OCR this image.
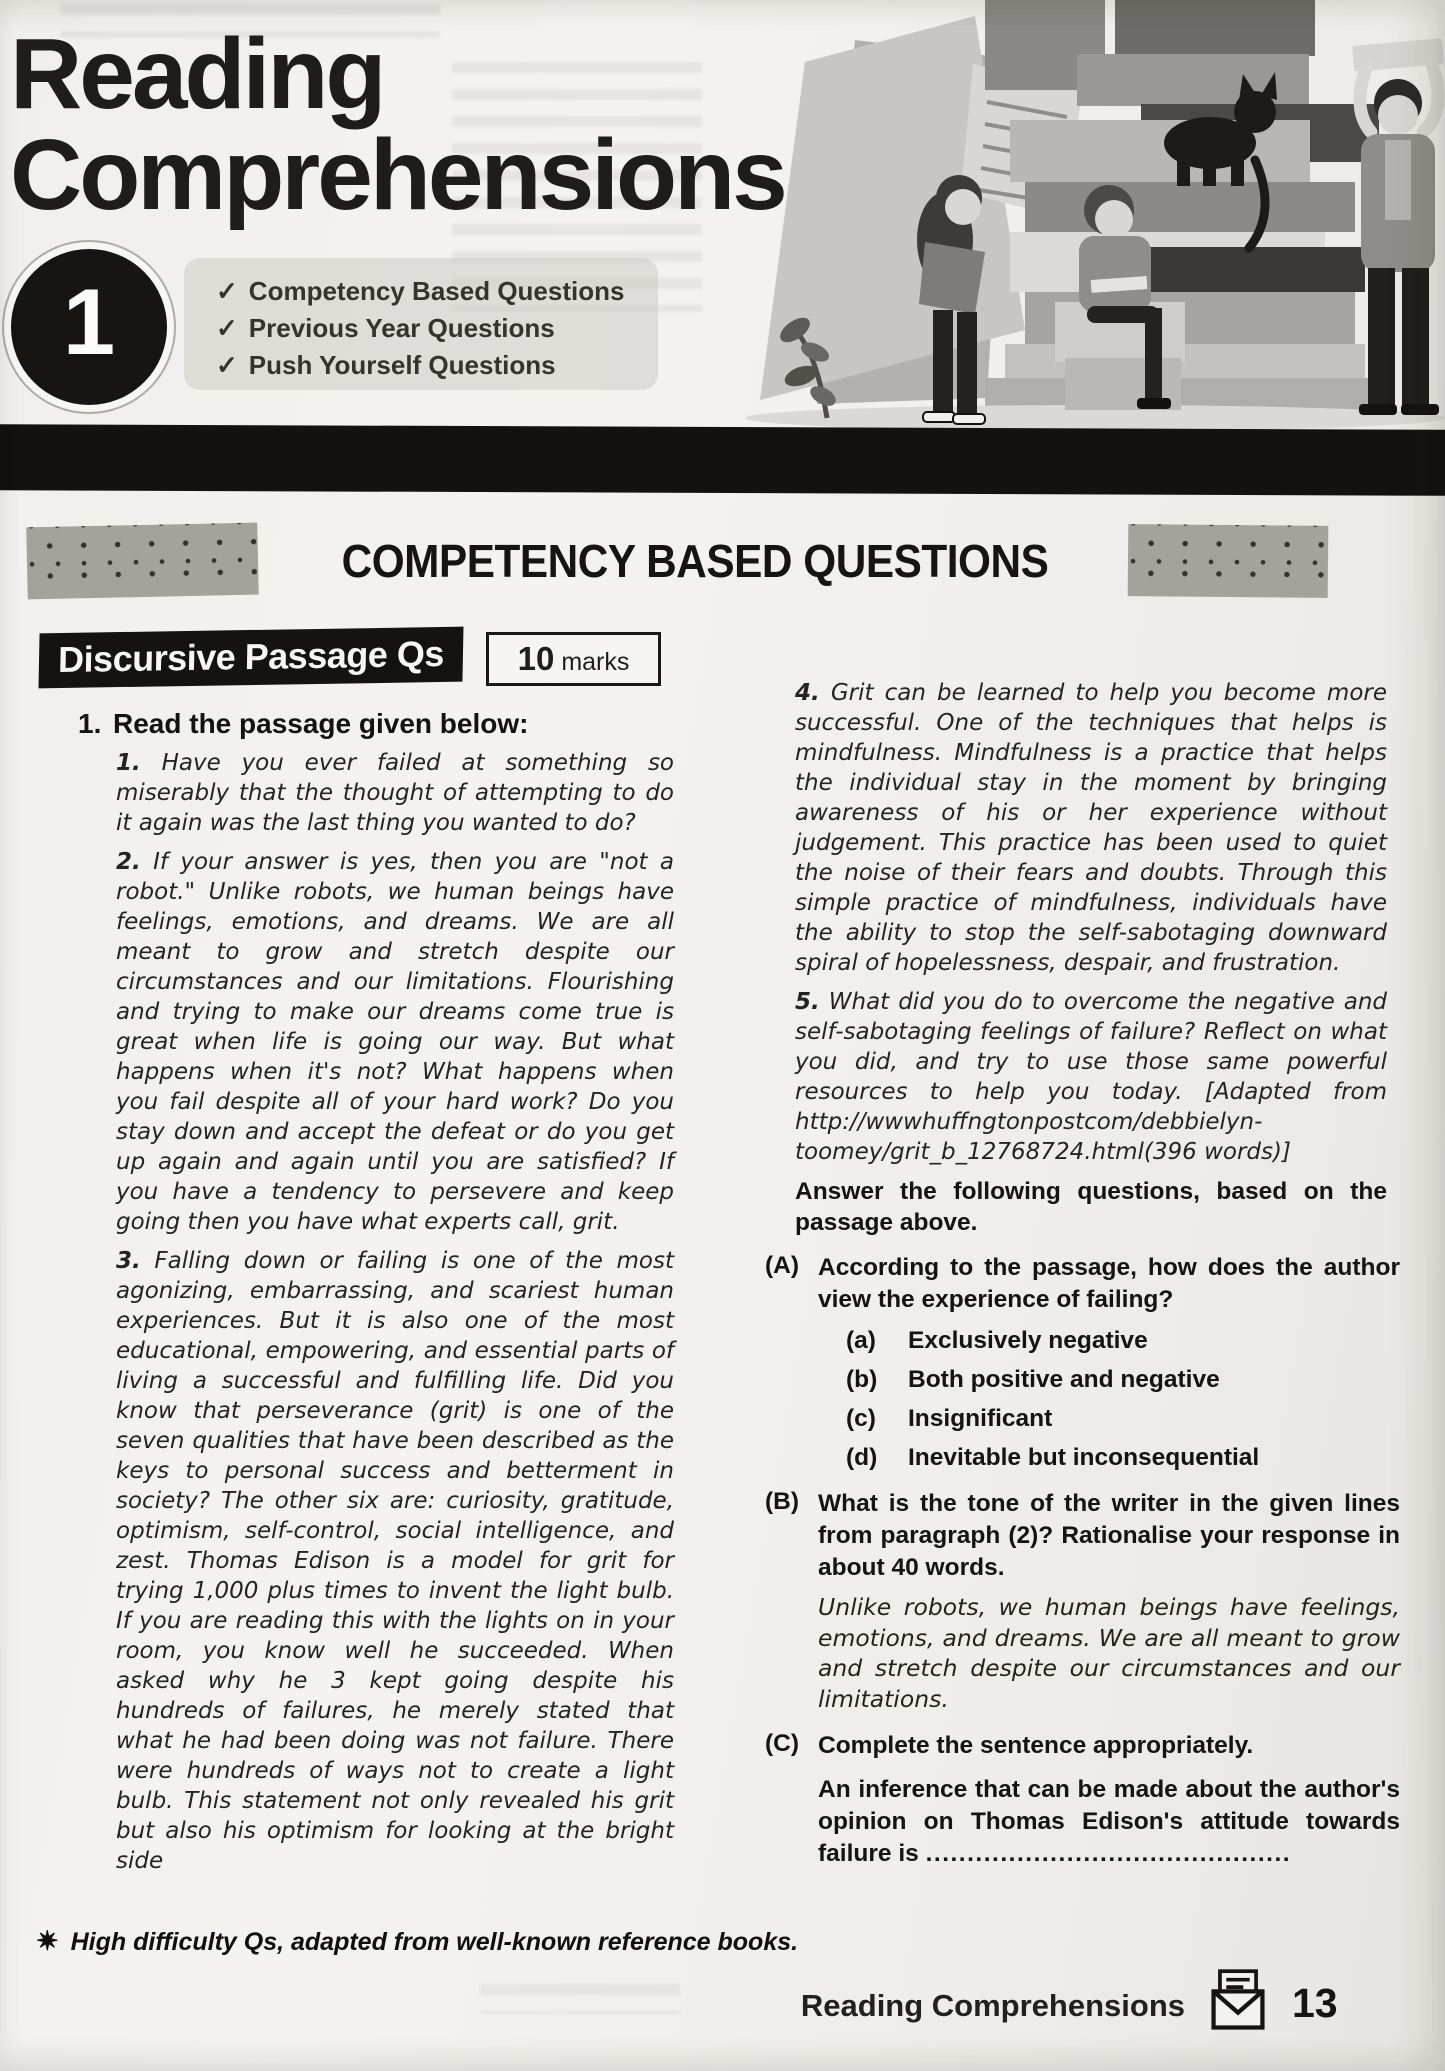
Reading
Comprehensions
1	✓ Competency Based Questions
✓ Previous Year Questions
✓ Push Yourself Questions
COMPETENCY BASED QUESTIONS
Discursive Passage Qs	10 marks

1. Read the passage given below:

1. Have you ever failed at something so miserably that the thought of attempting to do it again was the last thing you wanted to do?

2. If your answer is yes, then you are "not a robot." Unlike robots, we human beings have feelings, emotions, and dreams. We are all meant to grow and stretch despite our circumstances and our limitations. Flourishing and trying to make our dreams come true is great when life is going our way. But what happens when it's not? What happens when you fail despite all of your hard work? Do you stay down and accept the defeat or do you get up again and again until you are satisfied? If you have a tendency to persevere and keep going then you have what experts call, grit.

3. Falling down or failing is one of the most agonizing, embarrassing, and scariest human experiences. But it is also one of the most educational, empowering, and essential parts of living a successful and fulfilling life. Did you know that perseverance (grit) is one of the seven qualities that have been described as the keys to personal success and betterment in society? The other six are: curiosity, gratitude, optimism, self-control, social intelligence, and zest. Thomas Edison is a model for grit for trying 1,000 plus times to invent the light bulb. If you are reading this with the lights on in your room, you know well he succeeded. When asked why he 3 kept going despite his hundreds of failures, he merely stated that what he had been doing was not failure. There were hundreds of ways not to create a light bulb. This statement not only revealed his grit but also his optimism for looking at the bright side

4. Grit can be learned to help you become more successful. One of the techniques that helps is mindfulness. Mindfulness is a practice that helps the individual stay in the moment by bringing awareness of his or her experience without judgement. This practice has been used to quiet the noise of their fears and doubts. Through this simple practice of mindfulness, individuals have the ability to stop the self-sabotaging downward spiral of hopelessness, despair, and frustration.

5. What did you do to overcome the negative and self-sabotaging feelings of failure? Reflect on what you did, and try to use those same powerful resources to help you today. [Adapted from http://wwwhuffngtonpostcom/debbielyn-toomey/grit_b_12768724.html(396 words)]

Answer the following questions, based on the passage above.

(A) According to the passage, how does the author view the experience of failing?
(a) Exclusively negative
(b) Both positive and negative
(c) Insignificant
(d) Inevitable but inconsequential
(B) What is the tone of the writer in the given lines from paragraph (2)? Rationalise your response in about 40 words.
Unlike robots, we human beings have feelings, emotions, and dreams. We are all meant to grow and stretch despite our circumstances and our limitations.
(C) Complete the sentence appropriately.
An inference that can be made about the author's opinion on Thomas Edison's attitude towards failure is ............................................

✷ High difficulty Qs, adapted from well-known reference books.

Reading Comprehensions	13
